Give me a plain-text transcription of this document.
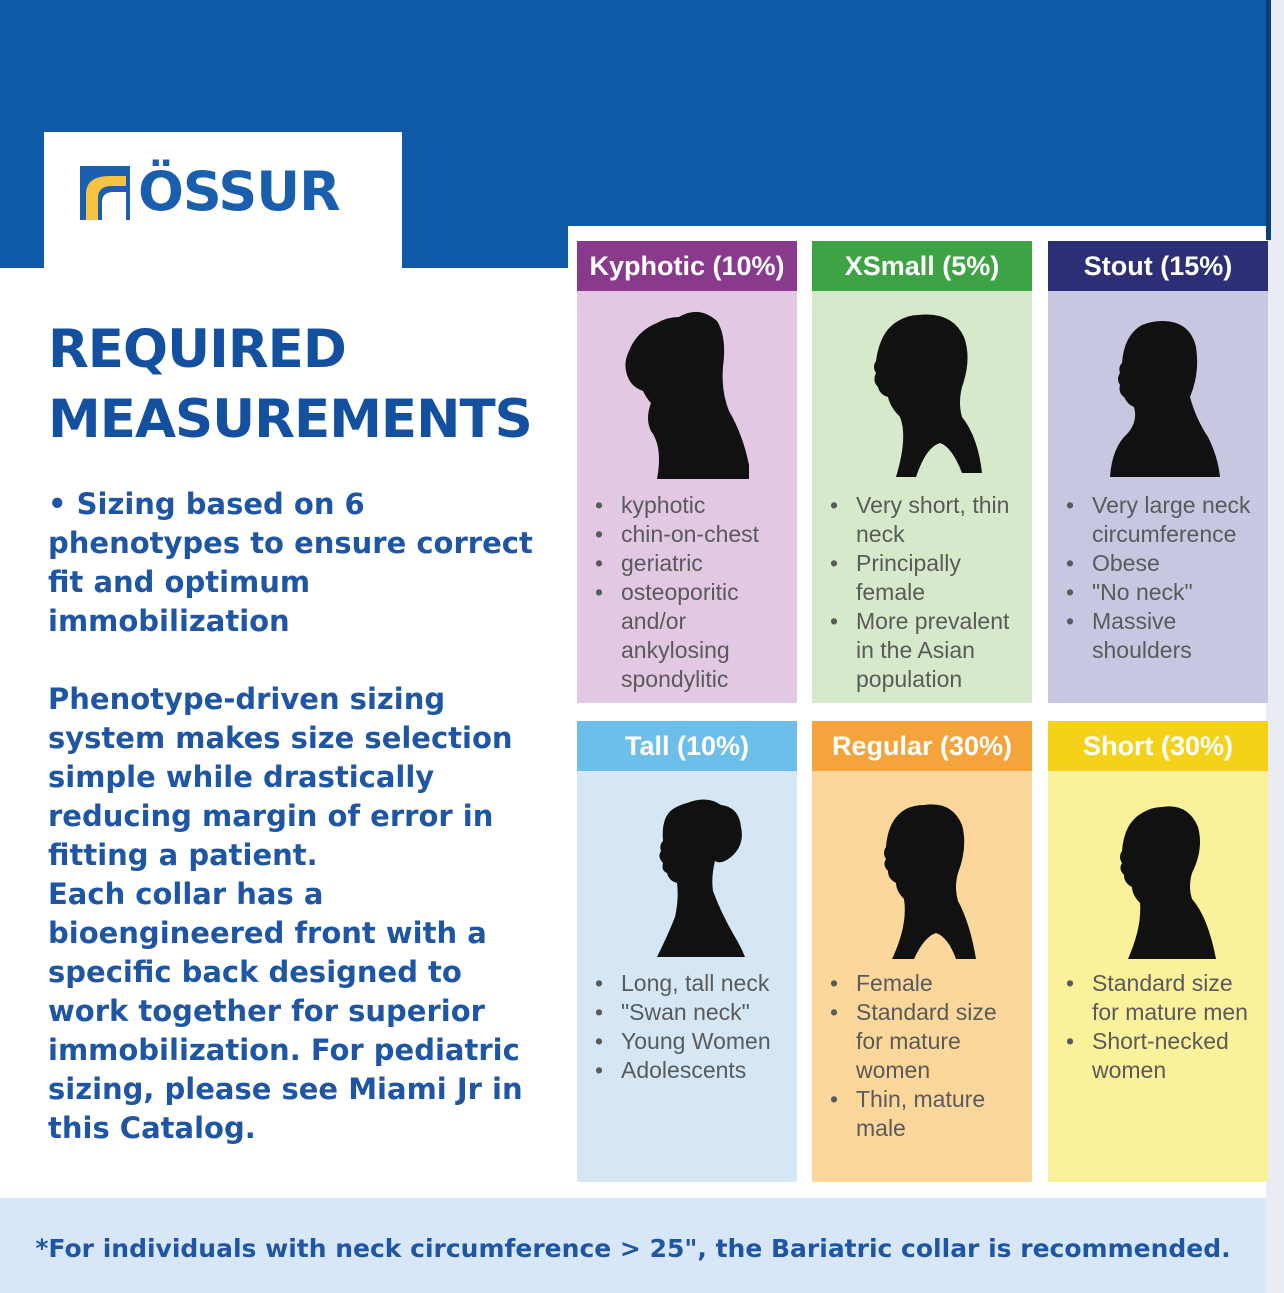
ÖSSUR
REQUIRED
MEASUREMENTS
• Sizing based on 6 phenotypes to ensure correct fit and optimum immobilization
Phenotype-driven sizing system makes size selection simple while drastically reducing margin of error in fitting a patient.
Each collar has a bioengineered front with a specific back designed to work together for superior immobilization. For pediatric sizing, please see Miami Jr in this Catalog.
Kyphotic (10%)
• kyphotic
• chin-on-chest
• geriatric
• osteoporitic and/or ankylosing spondylitic
XSmall (5%)
• Very short, thin neck
• Principally female
• More prevalent in the Asian population
Stout (15%)
• Very large neck circumference
• Obese
• "No neck"
• Massive shoulders
Tall (10%)
• Long, tall neck
• "Swan neck"
• Young Women
• Adolescents
Regular (30%)
• Female
• Standard size for mature women
• Thin, mature male
Short (30%)
• Standard size for mature men
• Short-necked women
*For individuals with neck circumference > 25", the Bariatric collar is recommended.
